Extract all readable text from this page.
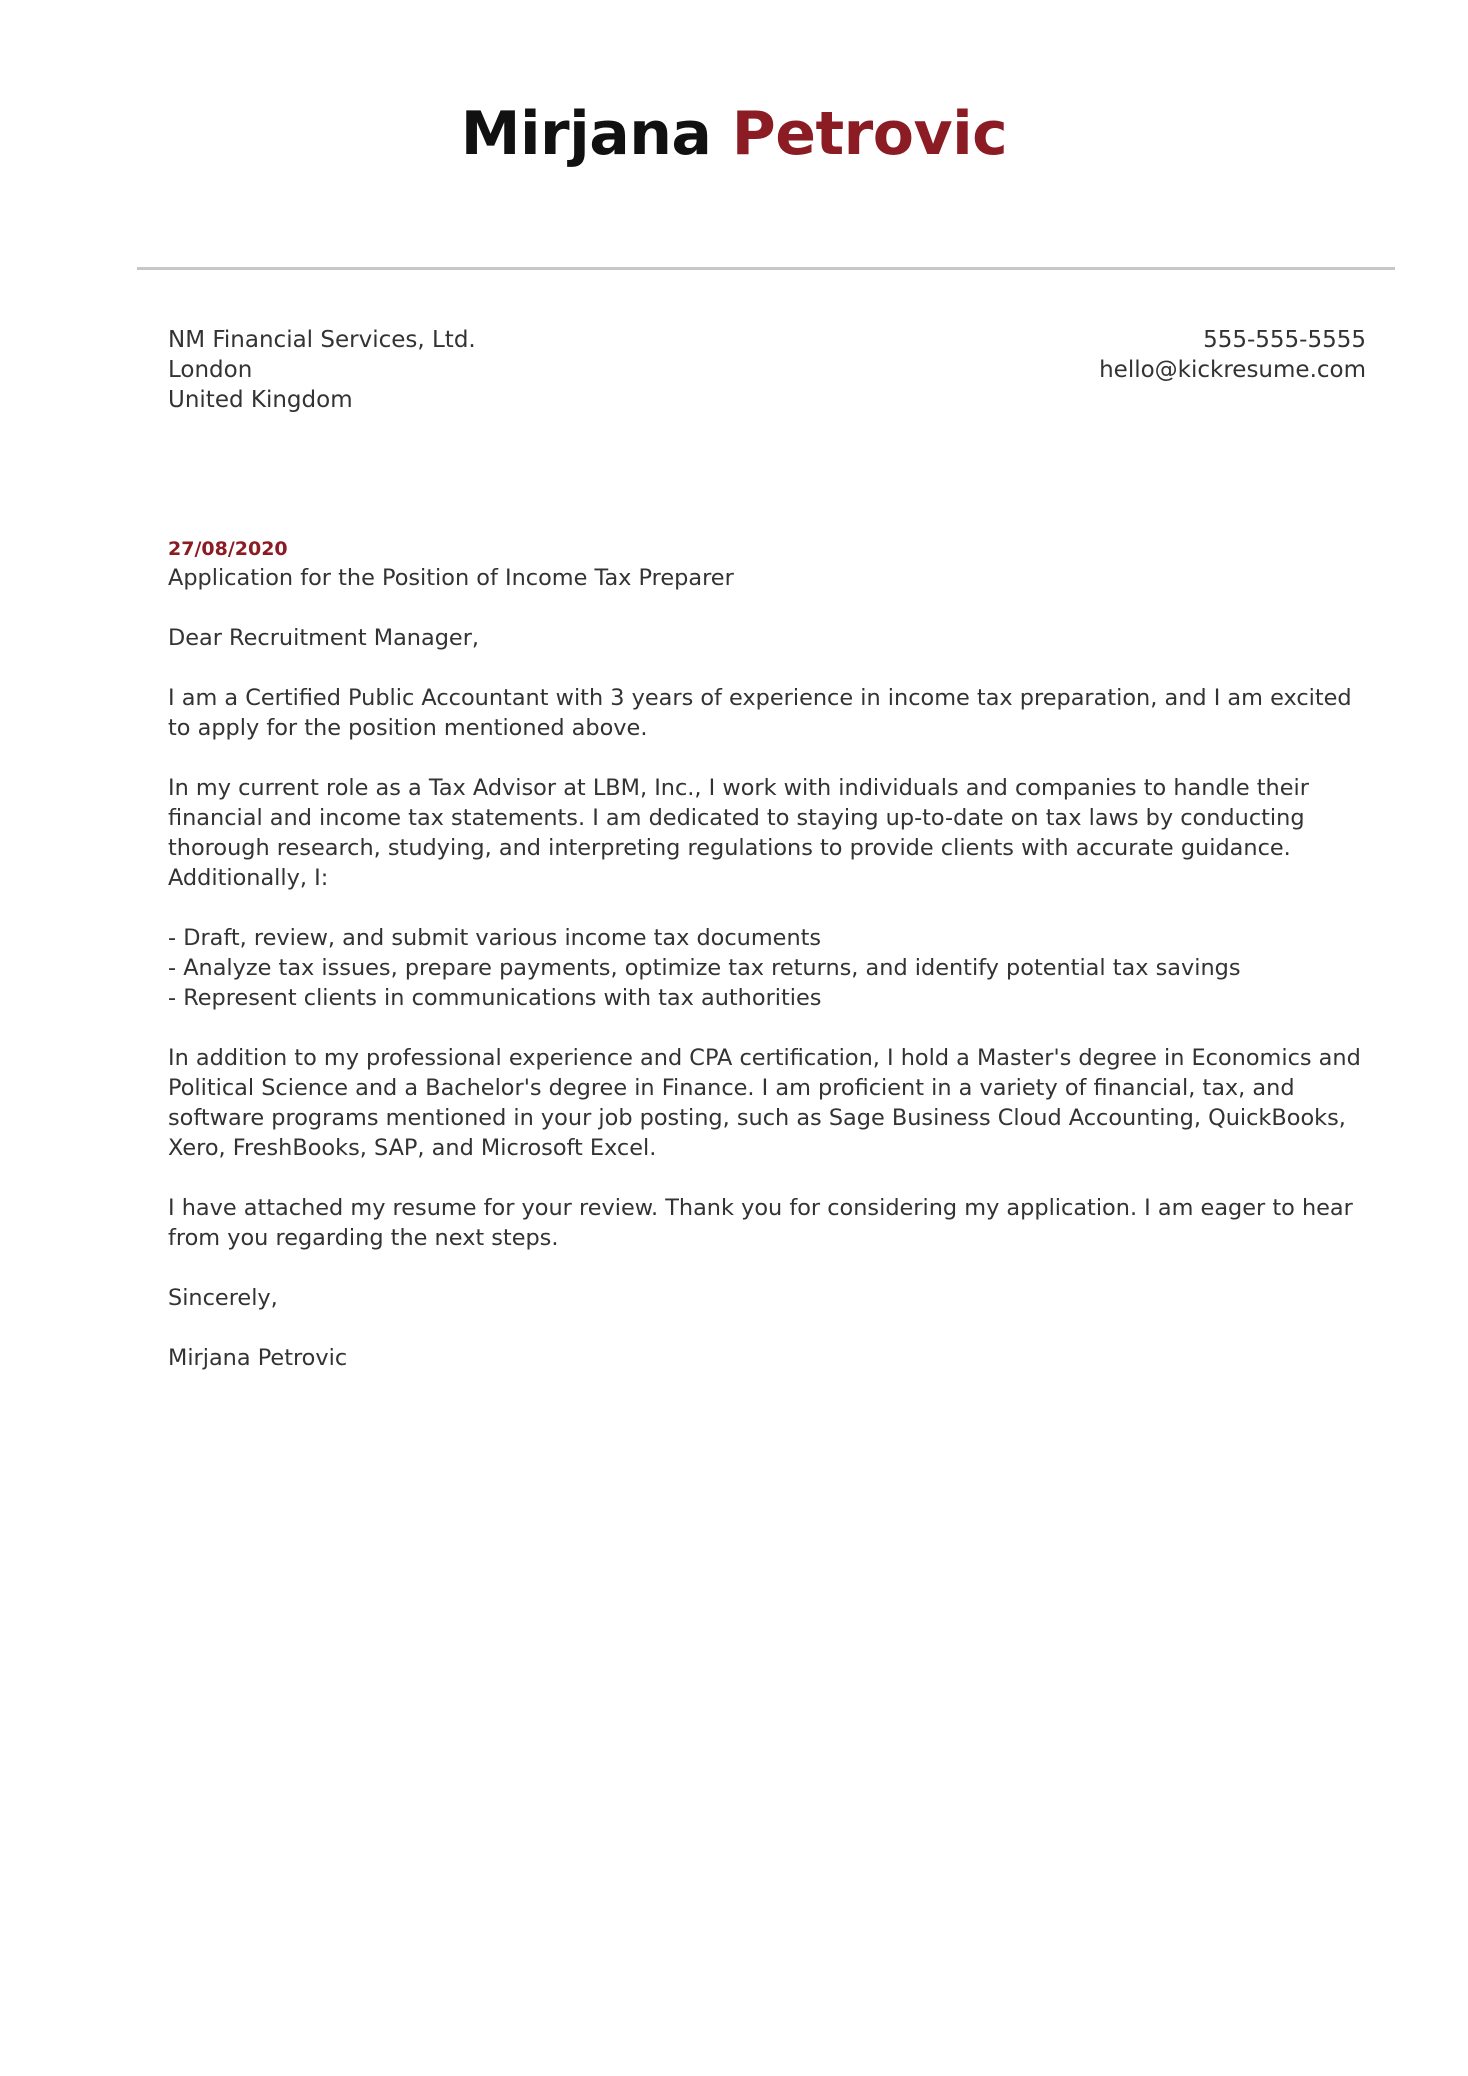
Mirjana Petrovic
NM Financial Services, Ltd.
London
United Kingdom
555-555-5555
hello@kickresume.com
27/08/2020
Application for the Position of Income Tax Preparer
Dear Recruitment Manager,
I am a Certified Public Accountant with 3 years of experience in income tax preparation, and I am excited to apply for the position mentioned above.
In my current role as a Tax Advisor at LBM, Inc., I work with individuals and companies to handle their financial and income tax statements. I am dedicated to staying up-to-date on tax laws by conducting thorough research, studying, and interpreting regulations to provide clients with accurate guidance. Additionally, I:
- Draft, review, and submit various income tax documents
- Analyze tax issues, prepare payments, optimize tax returns, and identify potential tax savings
- Represent clients in communications with tax authorities
In addition to my professional experience and CPA certification, I hold a Master's degree in Economics and Political Science and a Bachelor's degree in Finance. I am proficient in a variety of financial, tax, and software programs mentioned in your job posting, such as Sage Business Cloud Accounting, QuickBooks, Xero, FreshBooks, SAP, and Microsoft Excel.
I have attached my resume for your review. Thank you for considering my application. I am eager to hear from you regarding the next steps.
Sincerely,
Mirjana Petrovic
